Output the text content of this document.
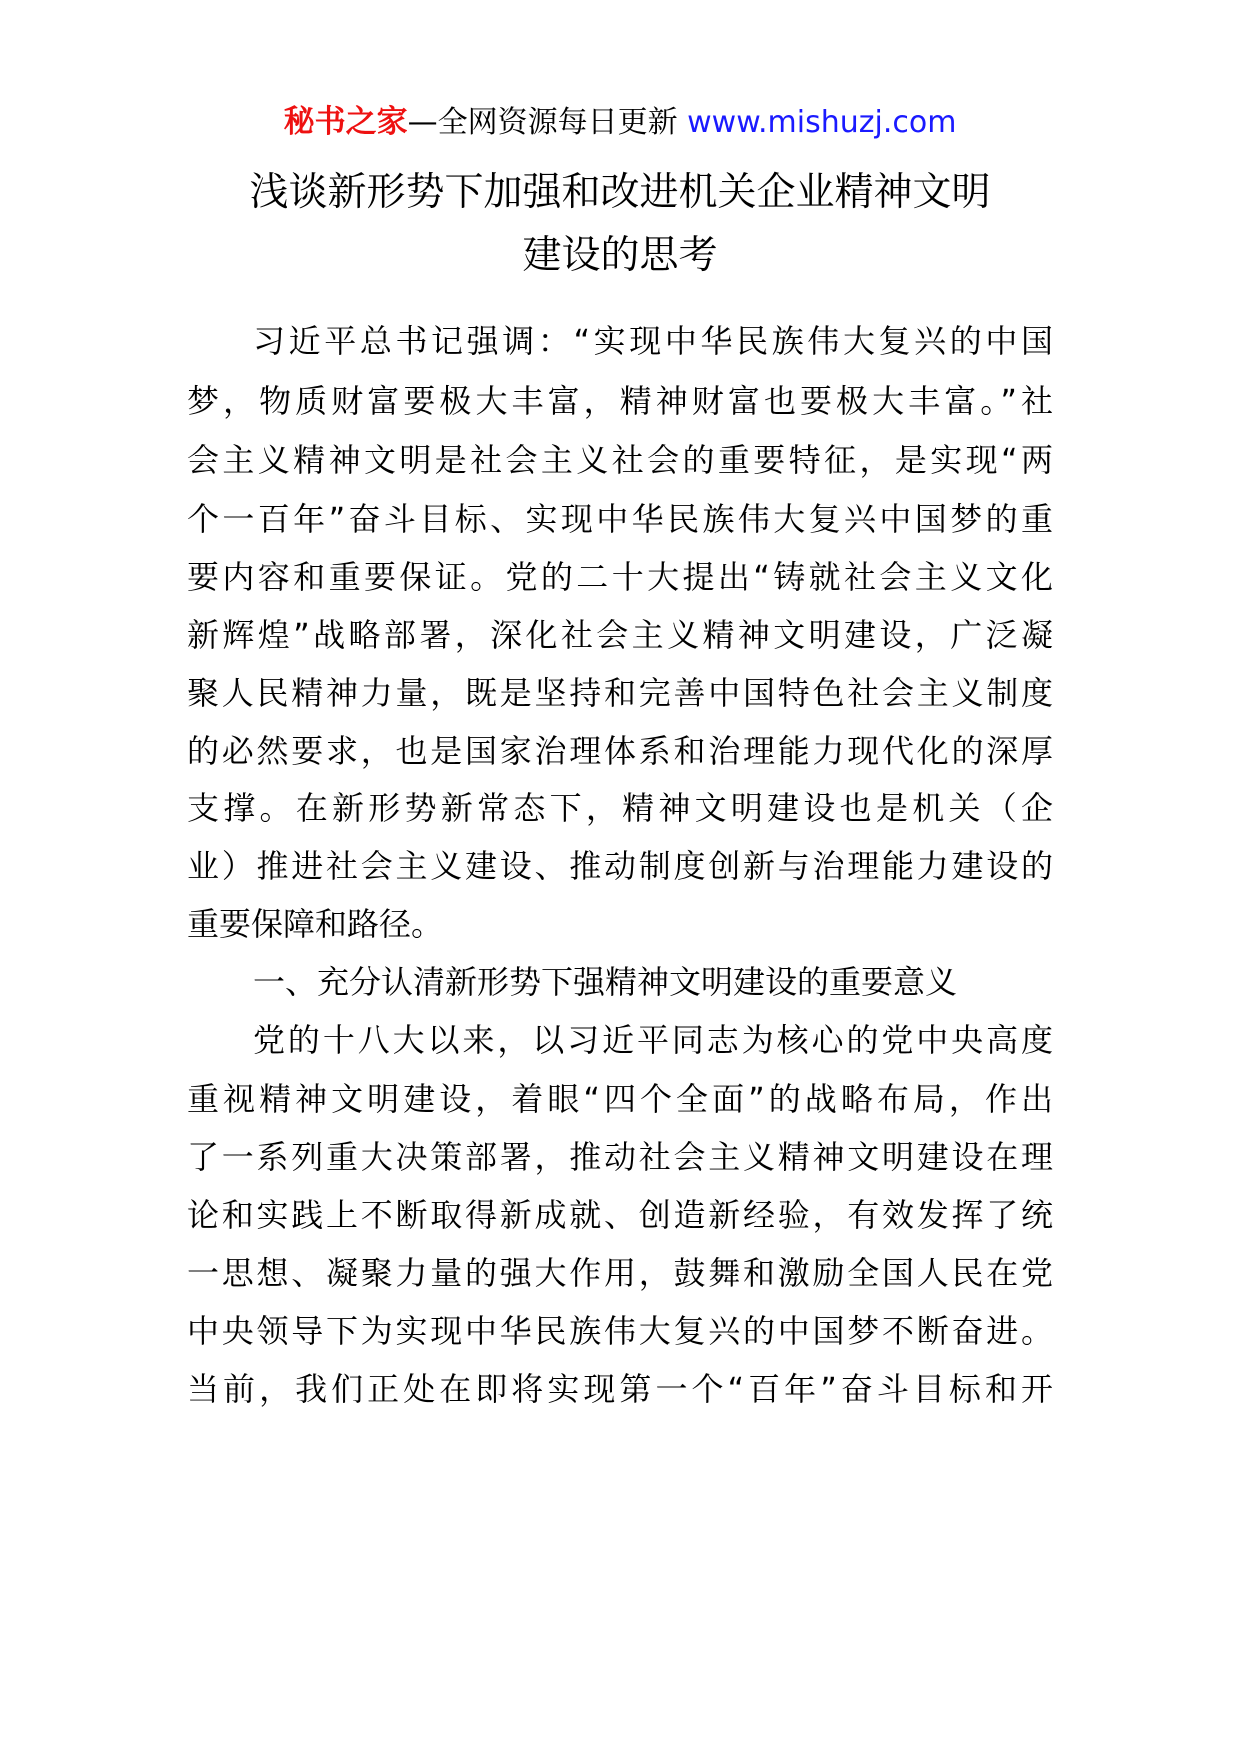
秘书之家—全网资源每日更新 www.mishuzj.com
浅谈新形势下加强和改进机关企业精神文明
建设的思考
习近平总书记强调：“实现中华民族伟大复兴的中国
梦，物质财富要极大丰富，精神财富也要极大丰富。”社
会主义精神文明是社会主义社会的重要特征，是实现“两
个一百年”奋斗目标、实现中华民族伟大复兴中国梦的重
要内容和重要保证。党的二十大提出“铸就社会主义文化
新辉煌”战略部署，深化社会主义精神文明建设，广泛凝
聚人民精神力量，既是坚持和完善中国特色社会主义制度
的必然要求，也是国家治理体系和治理能力现代化的深厚
支撑。在新形势新常态下，精神文明建设也是机关（企
业）推进社会主义建设、推动制度创新与治理能力建设的
重要保障和路径。
一、充分认清新形势下强精神文明建设的重要意义
党的十八大以来，以习近平同志为核心的党中央高度
重视精神文明建设，着眼“四个全面”的战略布局，作出
了一系列重大决策部署，推动社会主义精神文明建设在理
论和实践上不断取得新成就、创造新经验，有效发挥了统
一思想、凝聚力量的强大作用，鼓舞和激励全国人民在党
中央领导下为实现中华民族伟大复兴的中国梦不断奋进。
当前，我们正处在即将实现第一个“百年”奋斗目标和开
